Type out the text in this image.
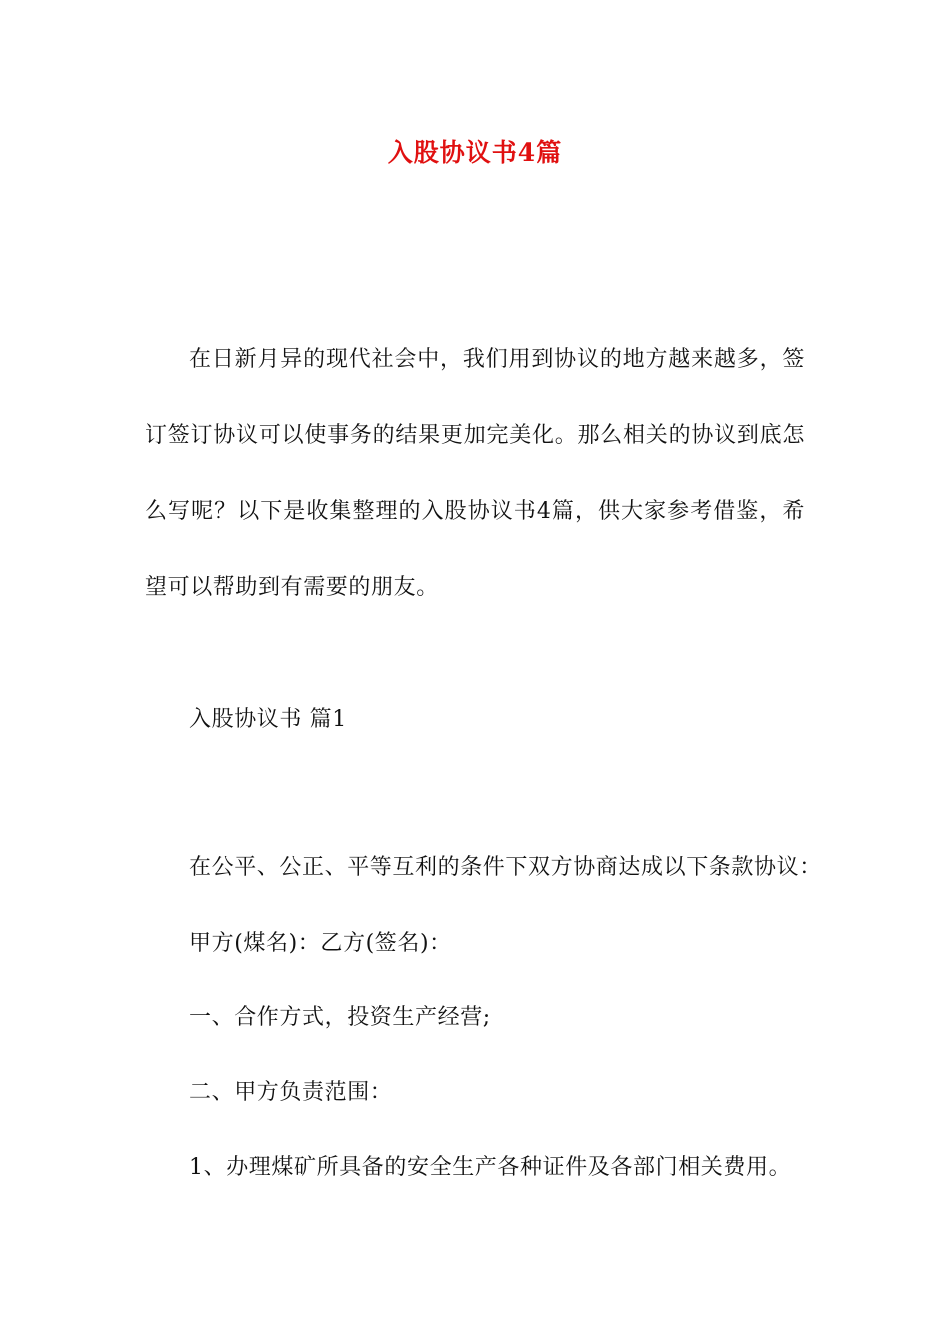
入股协议书4篇

在日新月异的现代社会中，我们用到协议的地方越来越多，签订签订协议可以使事务的结果更加完美化。那么相关的协议到底怎么写呢？以下是收集整理的入股协议书4篇，供大家参考借鉴，希望可以帮助到有需要的朋友。

入股协议书 篇1

在公平、公正、平等互利的条件下双方协商达成以下条款协议：

甲方(煤名)：乙方(签名)：

一、合作方式，投资生产经营;

二、甲方负责范围：

1、办理煤矿所具备的安全生产各种证件及各部门相关费用。
